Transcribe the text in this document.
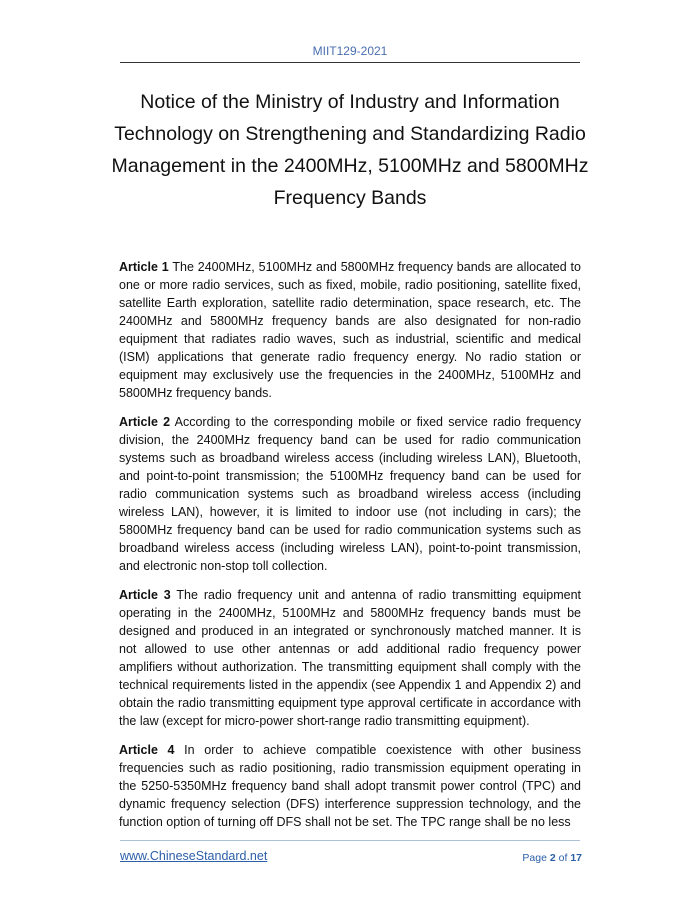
MIIT129-2021
Notice of the Ministry of Industry and Information
Technology on Strengthening and Standardizing Radio
Management in the 2400MHz, 5100MHz and 5800MHz
Frequency Bands

Article 1 The 2400MHz, 5100MHz and 5800MHz frequency bands are allocated to one or more radio services, such as fixed, mobile, radio positioning, satellite fixed, satellite Earth exploration, satellite radio determination, space research, etc. The 2400MHz and 5800MHz frequency bands are also designated for non-radio equipment that radiates radio waves, such as industrial, scientific and medical (ISM) applications that generate radio frequency energy. No radio station or equipment may exclusively use the frequencies in the 2400MHz, 5100MHz and 5800MHz frequency bands.

Article 2 According to the corresponding mobile or fixed service radio frequency division, the 2400MHz frequency band can be used for radio communication systems such as broadband wireless access (including wireless LAN), Bluetooth, and point-to-point transmission; the 5100MHz frequency band can be used for radio communication systems such as broadband wireless access (including wireless LAN), however, it is limited to indoor use (not including in cars); the 5800MHz frequency band can be used for radio communication systems such as broadband wireless access (including wireless LAN), point-to-point transmission, and electronic non-stop toll collection.

Article 3 The radio frequency unit and antenna of radio transmitting equipment operating in the 2400MHz, 5100MHz and 5800MHz frequency bands must be designed and produced in an integrated or synchronously matched manner. It is not allowed to use other antennas or add additional radio frequency power amplifiers without authorization. The transmitting equipment shall comply with the technical requirements listed in the appendix (see Appendix 1 and Appendix 2) and obtain the radio transmitting equipment type approval certificate in accordance with the law (except for micro-power short-range radio transmitting equipment).

Article 4 In order to achieve compatible coexistence with other business frequencies such as radio positioning, radio transmission equipment operating in the 5250-5350MHz frequency band shall adopt transmit power control (TPC) and dynamic frequency selection (DFS) interference suppression technology, and the function option of turning off DFS shall not be set. The TPC range shall be no less

www.ChineseStandard.net	Page 2 of 17
